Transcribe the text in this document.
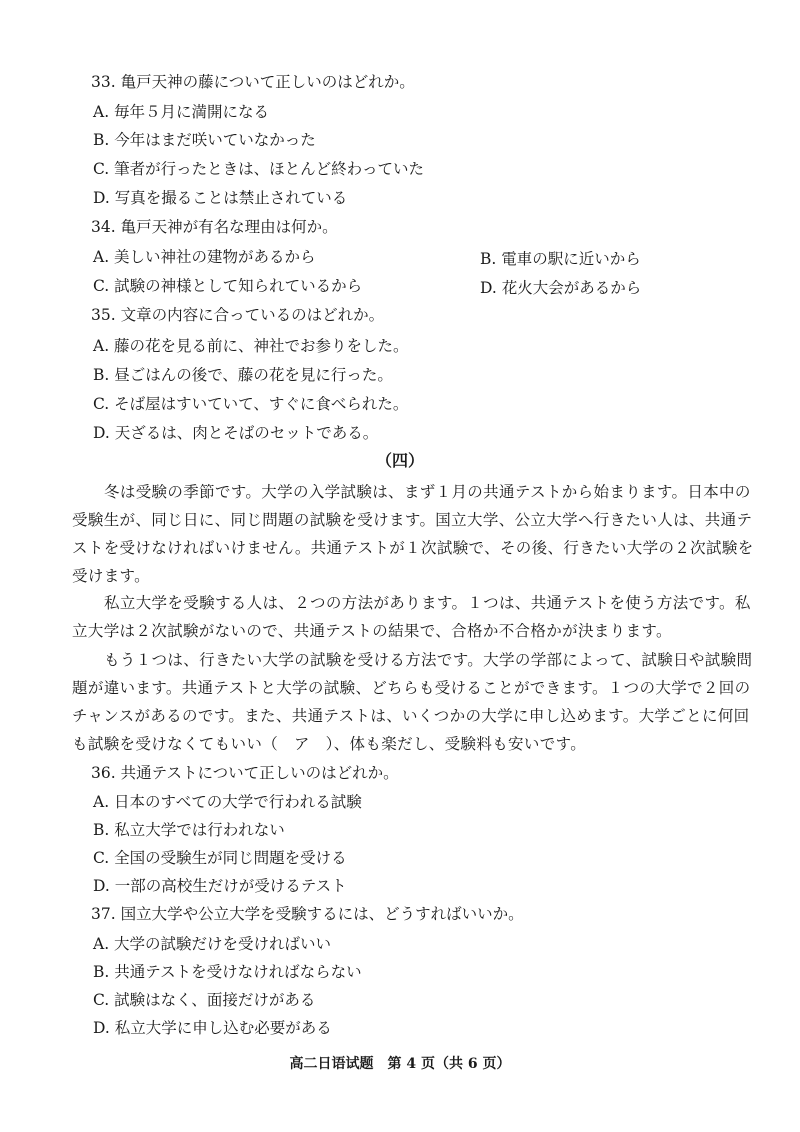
33. 亀戸天神の藤について正しいのはどれか。
A. 毎年５月に満開になる
B. 今年はまだ咲いていなかった
C. 筆者が行ったときは、ほとんど終わっていた
D. 写真を撮ることは禁止されている
34. 亀戸天神が有名な理由は何か。
A. 美しい神社の建物があるから	B. 電車の駅に近いから
C. 試験の神様として知られているから	D. 花火大会があるから
35. 文章の内容に合っているのはどれか。
A. 藤の花を見る前に、神社でお参りをした。
B. 昼ごはんの後で、藤の花を見に行った。
C. そば屋はすいていて、すぐに食べられた。
D. 天ざるは、肉とそばのセットである。
（四）
冬は受験の季節です。大学の入学試験は、まず１月の共通テストから始まります。日本中の
受験生が、同じ日に、同じ問題の試験を受けます。国立大学、公立大学へ行きたい人は、共通テ
ストを受けなければいけません。共通テストが１次試験で、その後、行きたい大学の２次試験を
受けます。
私立大学を受験する人は、２つの方法があります。１つは、共通テストを使う方法です。私
立大学は２次試験がないので、共通テストの結果で、合格か不合格かが決まります。
もう１つは、行きたい大学の試験を受ける方法です。大学の学部によって、試験日や試験問
題が違います。共通テストと大学の試験、どちらも受けることができます。１つの大学で２回の
チャンスがあるのです。また、共通テストは、いくつかの大学に申し込めます。大学ごとに何回
も試験を受けなくてもいい（　ア　）、体も楽だし、受験料も安いです。
36. 共通テストについて正しいのはどれか。
A. 日本のすべての大学で行われる試験
B. 私立大学では行われない
C. 全国の受験生が同じ問題を受ける
D. 一部の高校生だけが受けるテスト
37. 国立大学や公立大学を受験するには、どうすればいいか。
A. 大学の試験だけを受ければいい
B. 共通テストを受けなければならない
C. 試験はなく、面接だけがある
D. 私立大学に申し込む必要がある
高二日语试题　第 4 页（共 6 页）
